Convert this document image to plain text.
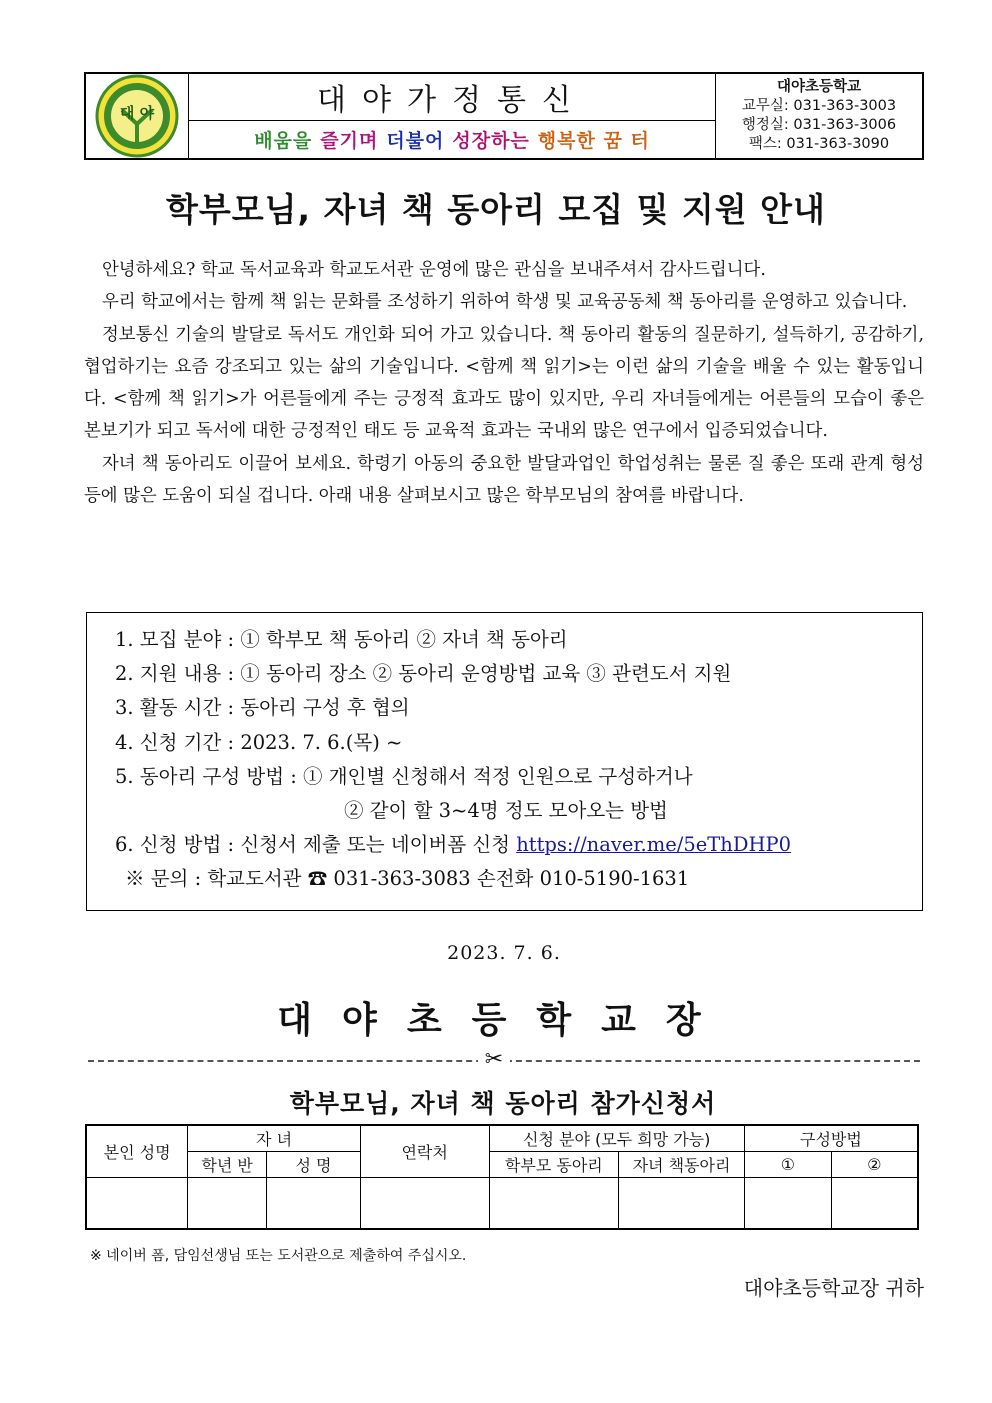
대 야	대야가정통신
배움을 즐기며 더불어 성장하는 행복한 꿈 터
대야초등학교
교무실: 031-363-3003
행정실: 031-363-3006
팩스: 031-363-3090
학부모님, 자녀 책 동아리 모집 및 지원 안내

안녕하세요? 학교 독서교육과 학교도서관 운영에 많은 관심을 보내주셔서 감사드립니다.

우리 학교에서는 함께 책 읽는 문화를 조성하기 위하여 학생 및 교육공동체 책 동아리를 운영하고 있습니다.

정보통신 기술의 발달로 독서도 개인화 되어 가고 있습니다. 책 동아리 활동의 질문하기, 설득하기, 공감하기, 협업하기는 요즘 강조되고 있는 삶의 기술입니다. <함께 책 읽기>는 이런 삶의 기술을 배울 수 있는 활동입니다. <함께 책 읽기>가 어른들에게 주는 긍정적 효과도 많이 있지만, 우리 자녀들에게는 어른들의 모습이 좋은 본보기가 되고 독서에 대한 긍정적인 태도 등 교육적 효과는 국내외 많은 연구에서 입증되었습니다.

자녀 책 동아리도 이끌어 보세요. 학령기 아동의 중요한 발달과업인 학업성취는 물론 질 좋은 또래 관계 형성 등에 많은 도움이 되실 겁니다. 아래 내용 살펴보시고 많은 학부모님의 참여를 바랍니다.

1. 모집 분야 : ① 학부모 책 동아리 ② 자녀 책 동아리
2. 지원 내용 : ① 동아리 장소 ② 동아리 운영방법 교육 ③ 관련도서 지원
3. 활동 시간 : 동아리 구성 후 협의
4. 신청 기간 : 2023. 7. 6.(목) ~
5. 동아리 구성 방법 : ① 개인별 신청해서 적정 인원으로 구성하거나
② 같이 할 3~4명 정도 모아오는 방법
6. 신청 방법 : 신청서 제출 또는 네이버폼 신청 https://naver.me/5eThDHP0
※ 문의 : 학교도서관 ☎ 031-363-3083 손전화 010-5190-1631
2023. 7. 6.
대야초등학교장
✂
학부모님, 자녀 책 동아리 참가신청서
본인 성명	자 녀		연락처	신청 분야 (모두 희망 가능)		구성방법	
	학년 반	성 명		학부모 동아리	자녀 책동아리	①	②

※ 네이버 폼, 담임선생님 또는 도서관으로 제출하여 주십시오.
대야초등학교장 귀하
